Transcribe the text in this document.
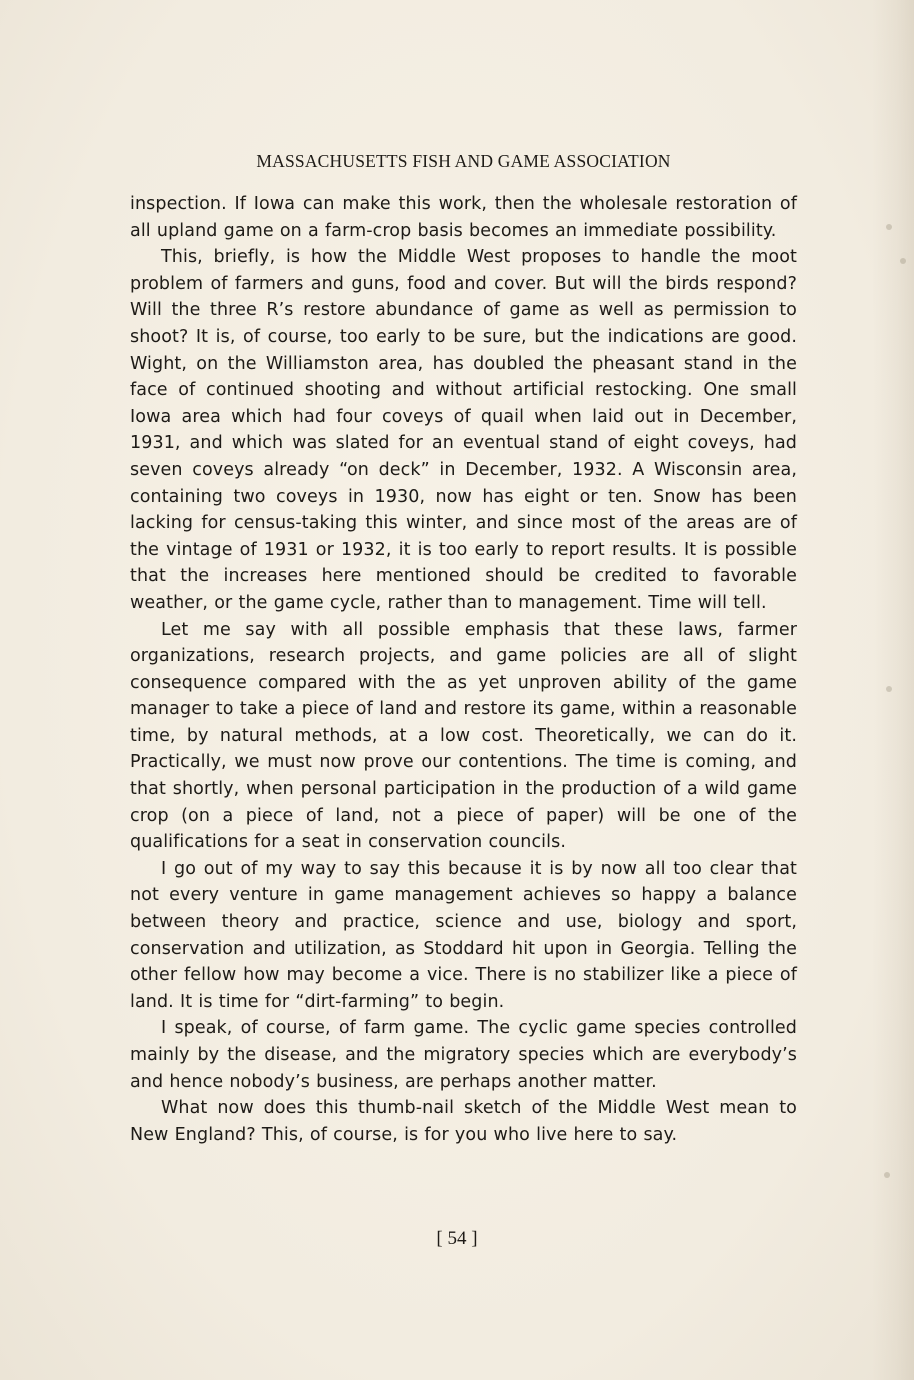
MASSACHUSETTS FISH AND GAME ASSOCIATION

inspection. If Iowa can make this work, then the wholesale restoration of all upland game on a farm-crop basis becomes an immediate possibility.

This, briefly, is how the Middle West proposes to handle the moot problem of farmers and guns, food and cover. But will the birds respond? Will the three R’s restore abundance of game as well as permission to shoot? It is, of course, too early to be sure, but the indications are good. Wight, on the Williamston area, has doubled the pheasant stand in the face of continued shooting and without artificial restocking. One small Iowa area which had four coveys of quail when laid out in December, 1931, and which was slated for an eventual stand of eight coveys, had seven coveys already “on deck” in December, 1932. A Wisconsin area, containing two coveys in 1930, now has eight or ten. Snow has been lacking for census-taking this winter, and since most of the areas are of the vintage of 1931 or 1932, it is too early to report results. It is possible that the increases here mentioned should be credited to favorable weather, or the game cycle, rather than to management. Time will tell.

Let me say with all possible emphasis that these laws, farmer organizations, research projects, and game policies are all of slight consequence compared with the as yet unproven ability of the game manager to take a piece of land and restore its game, within a reasonable time, by natural methods, at a low cost. Theoretically, we can do it. Practically, we must now prove our contentions. The time is coming, and that shortly, when personal participation in the production of a wild game crop (on a piece of land, not a piece of paper) will be one of the qualifications for a seat in conservation councils.

I go out of my way to say this because it is by now all too clear that not every venture in game management achieves so happy a balance between theory and practice, science and use, biology and sport, conservation and utilization, as Stoddard hit upon in Georgia. Telling the other fellow how may become a vice. There is no stabilizer like a piece of land. It is time for “dirt-farming” to begin.

I speak, of course, of farm game. The cyclic game species controlled mainly by the disease, and the migratory species which are everybody’s and hence nobody’s business, are perhaps another matter.

What now does this thumb-nail sketch of the Middle West mean to New England? This, of course, is for you who live here to say.

[ 54 ]
